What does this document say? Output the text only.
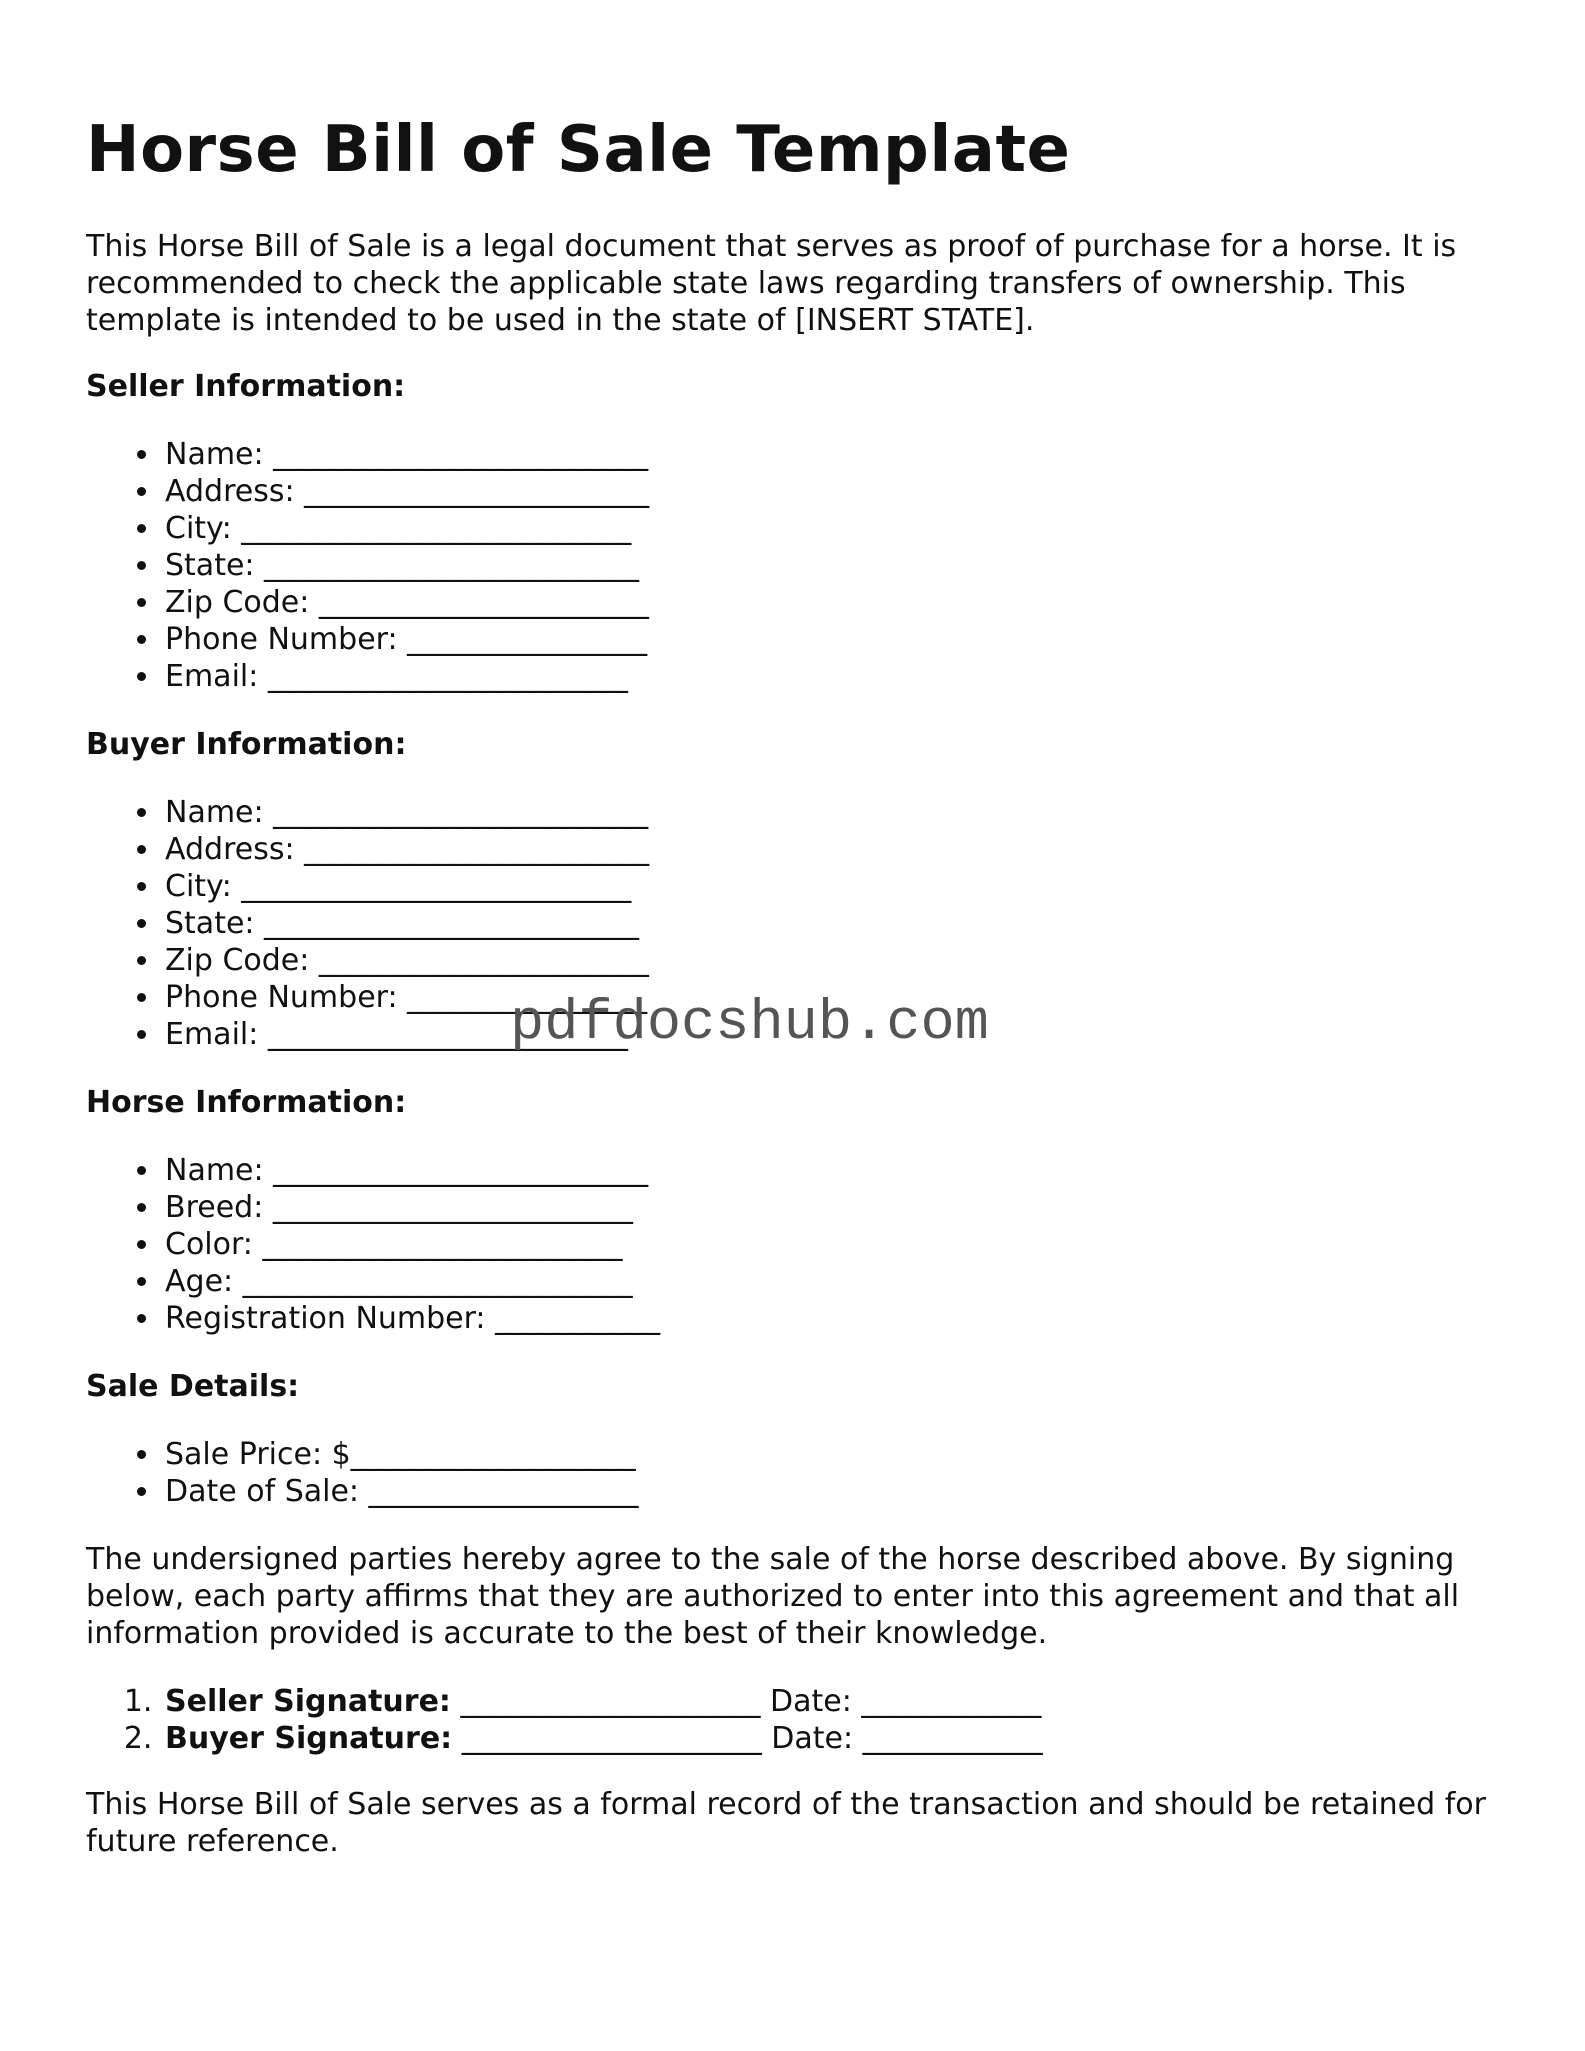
Horse Bill of Sale Template

This Horse Bill of Sale is a legal document that serves as proof of purchase for a horse. It is recommended to check the applicable state laws regarding transfers of ownership. This template is intended to be used in the state of [INSERT STATE].

Seller Information:
• Name: _________________________
• Address: _______________________
• City: __________________________
• State: _________________________
• Zip Code: ______________________
• Phone Number: ________________
• Email: ________________________
Buyer Information:
• Name: _________________________
• Address: _______________________
• City: __________________________
• State: _________________________
• Zip Code: ______________________
• Phone Number: ________________
• Email: ________________________
Horse Information:
• Name: _________________________
• Breed: ________________________
• Color: ________________________
• Age: __________________________
• Registration Number: ___________
Sale Details:
• Sale Price: $___________________
• Date of Sale: __________________

The undersigned parties hereby agree to the sale of the horse described above. By signing below, each party affirms that they are authorized to enter into this agreement and that all information provided is accurate to the best of their knowledge.

1. Seller Signature: ____________________ Date: ____________
2. Buyer Signature: ____________________ Date: ____________

This Horse Bill of Sale serves as a formal record of the transaction and should be retained for future reference.

pdfdocshub.com
